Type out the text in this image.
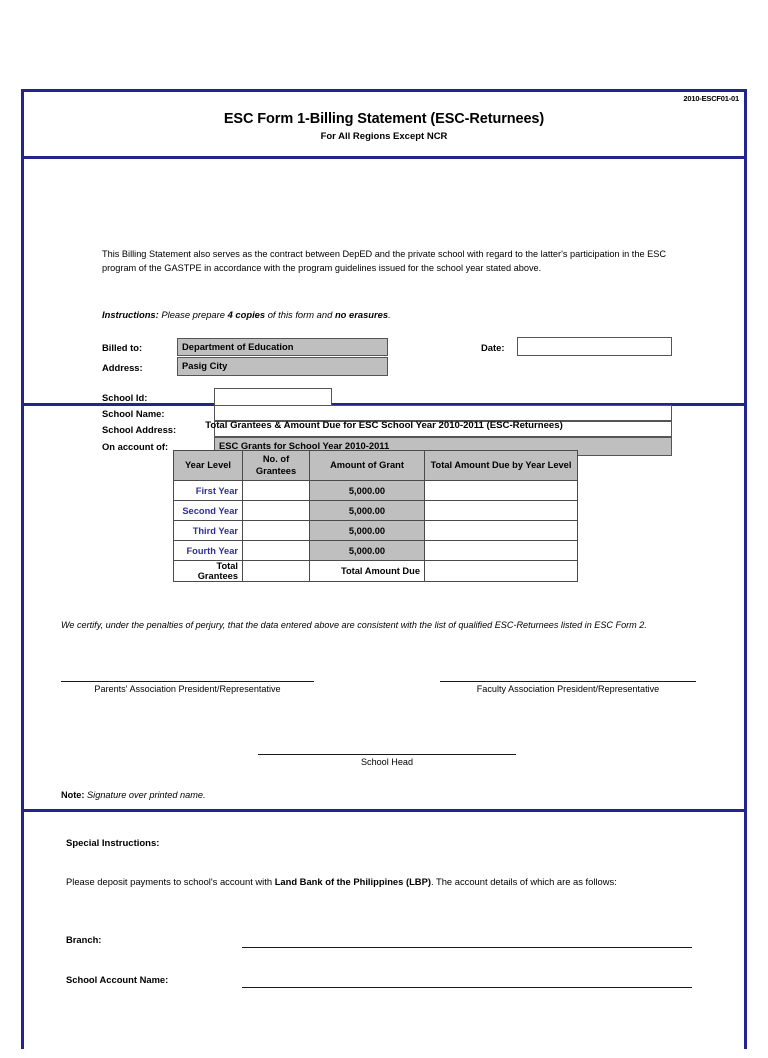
2010-ESCF01-01
ESC Form 1-Billing Statement (ESC-Returnees)
For All Regions Except NCR
This Billing Statement also serves as the contract between DepED and the private school with regard to the latter's participation in the ESC program of the GASTPE in accordance with the program guidelines issued for the school year stated above.
Instructions: Please prepare 4 copies of this form and no erasures.
Billed to:	Department of Education
Address:	Pasig City
Date:
School Id:
School Name:
School Address:
On account of:	ESC Grants for School Year 2010-2011
Total Grantees & Amount Due for ESC School Year 2010-2011 (ESC-Returnees)
Year Level	No. of Grantees	Amount of Grant	Total Amount Due by Year Level
First Year		5,000.00	
Second Year		5,000.00	
Third Year		5,000.00	
Fourth Year		5,000.00	
Total Grantees		Total Amount Due	
We certify, under the penalties of perjury, that the data entered above are consistent with the list of qualified ESC-Returnees listed in ESC Form 2.
Parents' Association President/Representative	Faculty Association President/Representative
School Head
Note: Signature over printed name.
Special Instructions:
Please deposit payments to school's account with Land Bank of the Philippines (LBP). The account details of which are as follows:
Branch:
School Account Name:
